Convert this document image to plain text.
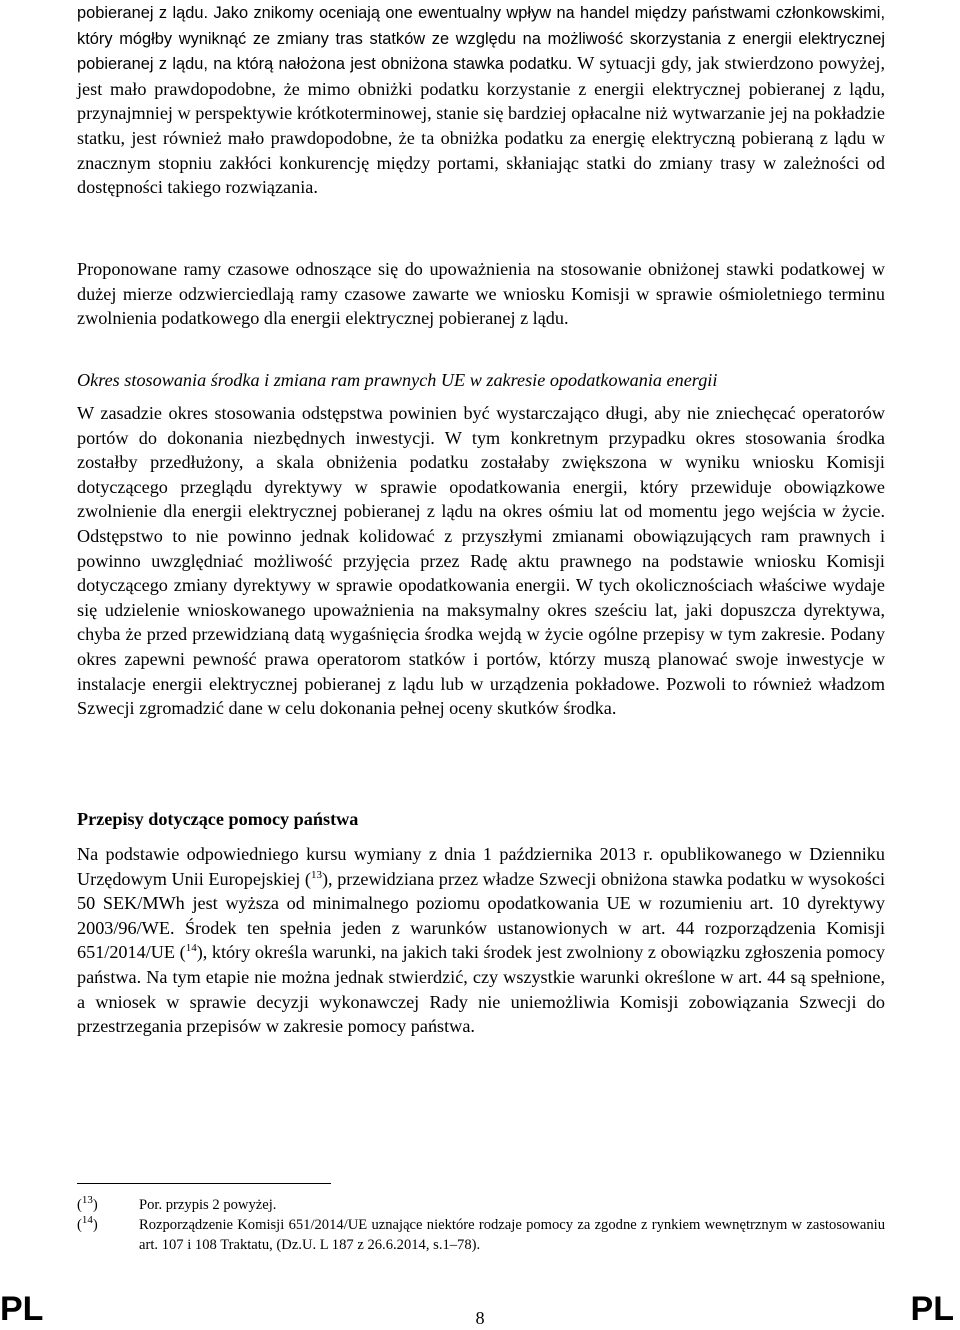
pobieranej z lądu. Jako znikomy oceniają one ewentualny wpływ na handel między państwami członkowskimi, który mógłby wyniknąć ze zmiany tras statków ze względu na możliwość skorzystania z energii elektrycznej pobieranej z lądu, na którą nałożona jest obniżona stawka podatku. W sytuacji gdy, jak stwierdzono powyżej, jest mało prawdopodobne, że mimo obniżki podatku korzystanie z energii elektrycznej pobieranej z lądu, przynajmniej w perspektywie krótkoterminowej, stanie się bardziej opłacalne niż wytwarzanie jej na pokładzie statku, jest również mało prawdopodobne, że ta obniżka podatku za energię elektryczną pobieraną z lądu w znacznym stopniu zakłóci konkurencję między portami, skłaniając statki do zmiany trasy w zależności od dostępności takiego rozwiązania.

Proponowane ramy czasowe odnoszące się do upoważnienia na stosowanie obniżonej stawki podatkowej w dużej mierze odzwierciedlają ramy czasowe zawarte we wniosku Komisji w sprawie ośmioletniego terminu zwolnienia podatkowego dla energii elektrycznej pobieranej z lądu.

Okres stosowania środka i zmiana ram prawnych UE w zakresie opodatkowania energii

W zasadzie okres stosowania odstępstwa powinien być wystarczająco długi, aby nie zniechęcać operatorów portów do dokonania niezbędnych inwestycji. W tym konkretnym przypadku okres stosowania środka zostałby przedłużony, a skala obniżenia podatku zostałaby zwiększona w wyniku wniosku Komisji dotyczącego przeglądu dyrektywy w sprawie opodatkowania energii, który przewiduje obowiązkowe zwolnienie dla energii elektrycznej pobieranej z lądu na okres ośmiu lat od momentu jego wejścia w życie. Odstępstwo to nie powinno jednak kolidować z przyszłymi zmianami obowiązujących ram prawnych i powinno uwzględniać możliwość przyjęcia przez Radę aktu prawnego na podstawie wniosku Komisji dotyczącego zmiany dyrektywy w sprawie opodatkowania energii. W tych okolicznościach właściwe wydaje się udzielenie wnioskowanego upoważnienia na maksymalny okres sześciu lat, jaki dopuszcza dyrektywa, chyba że przed przewidzianą datą wygaśnięcia środka wejdą w życie ogólne przepisy w tym zakresie. Podany okres zapewni pewność prawa operatorom statków i portów, którzy muszą planować swoje inwestycje w instalacje energii elektrycznej pobieranej z lądu lub w urządzenia pokładowe. Pozwoli to również władzom Szwecji zgromadzić dane w celu dokonania pełnej oceny skutków środka.

Przepisy dotyczące pomocy państwa

Na podstawie odpowiedniego kursu wymiany z dnia 1 października 2013 r. opublikowanego w Dzienniku Urzędowym Unii Europejskiej ($^{13}$), przewidziana przez władze Szwecji obniżona stawka podatku w wysokości 50 SEK/MWh jest wyższa od minimalnego poziomu opodatkowania UE w rozumieniu art. 10 dyrektywy 2003/96/WE. Środek ten spełnia jeden z warunków ustanowionych w art. 44 rozporządzenia Komisji 651/2014/UE ($^{14}$), który określa warunki, na jakich taki środek jest zwolniony z obowiązku zgłoszenia pomocy państwa. Na tym etapie nie można jednak stwierdzić, czy wszystkie warunki określone w art. 44 są spełnione, a wniosek w sprawie decyzji wykonawczej Rady nie uniemożliwia Komisji zobowiązania Szwecji do przestrzegania przepisów w zakresie pomocy państwa.

($^{13}$)	Por. przypis 2 powyżej.

($^{14}$)	Rozporządzenie Komisji 651/2014/UE uznające niektóre rodzaje pomocy za zgodne z rynkiem wewnętrznym w zastosowaniu art. 107 i 108 Traktatu, (Dz.U. L 187 z 26.6.2014, s.1–78).

PL	8	PL
